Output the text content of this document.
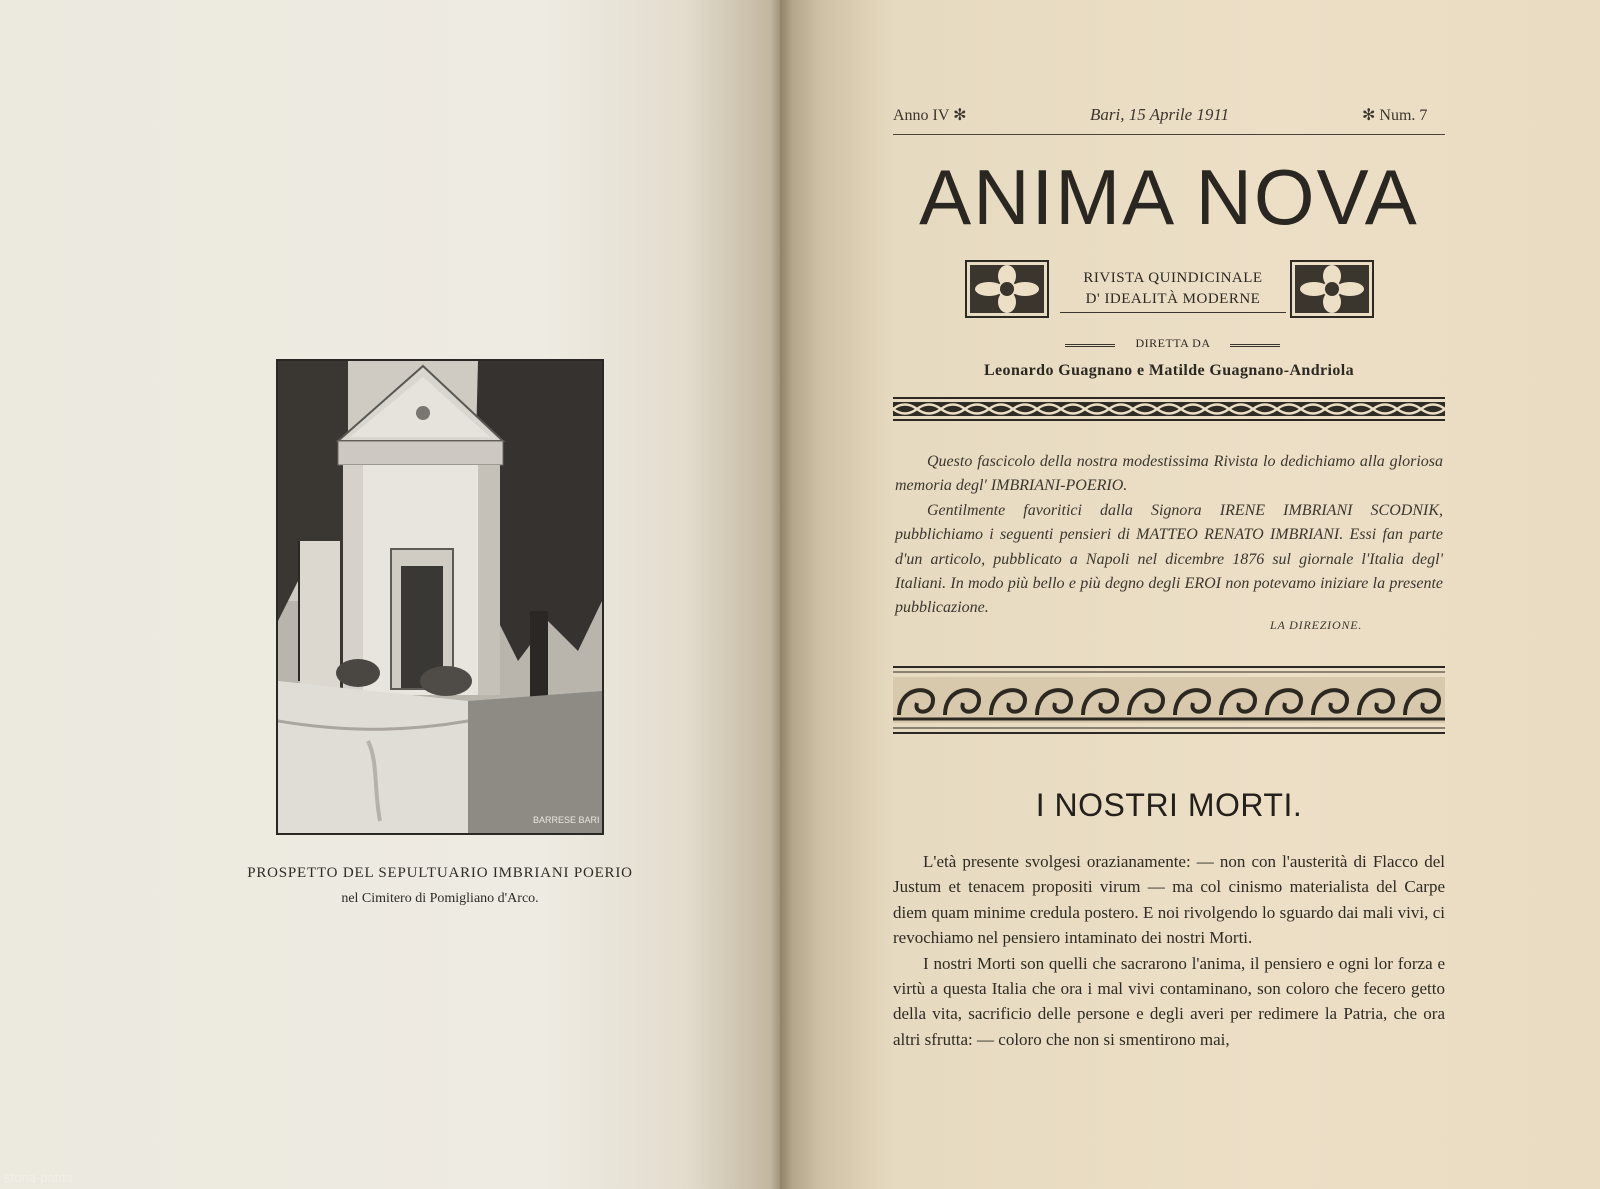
BARRESE BARI
PROSPETTO DEL SEPULTUARIO IMBRIANI POERIO
nel Cimitero di Pomigliano d'Arco.
storia-patria
Anno IV ✻	Bari, 15 Aprile 1911	✻ Num. 7
ANIMA NOVA
RIVISTA QUINDICINALE
D' IDEALITÀ MODERNE
DIRETTA DA
Leonardo Guagnano e Matilde Guagnano-Andriola

Questo fascicolo della nostra modestissima Rivista lo dedichiamo alla gloriosa memoria degl' IMBRIANI-POERIO.

Gentilmente favoriticі dalla Signora IRENE IMBRIANI SCODNIK, pubblichiamo i seguenti pensieri di MATTEO RENATO IMBRIANI. Essi fan parte d'un articolo, pubblicato a Napoli nel dicembre 1876 sul giornale l'Italia degl' Italiani. In modo più bello e più degno degli EROI non potevamo iniziare la presente pubblicazione.

LA DIREZIONE.
I NOSTRI MORTI.

L'età presente svolgesi orazianamente: — non con l'austerità di Flacco del Justum et tenacem propositi virum — ma col cinismo materialista del Carpe diem quam minime credula postero. E noi rivolgendo lo sguardo dai mali vivi, ci revochiamo nel pensiero intaminato dei nostri Morti.

I nostri Morti son quelli che sacrarono l'anima, il pensiero e ogni lor forza e virtù a questa Italia che ora i mal vivi contaminano, son coloro che fecero getto della vita, sacrificio delle persone e degli averi per redimere la Patria, che ora altri sfrutta: — coloro che non si smentirono mai,
